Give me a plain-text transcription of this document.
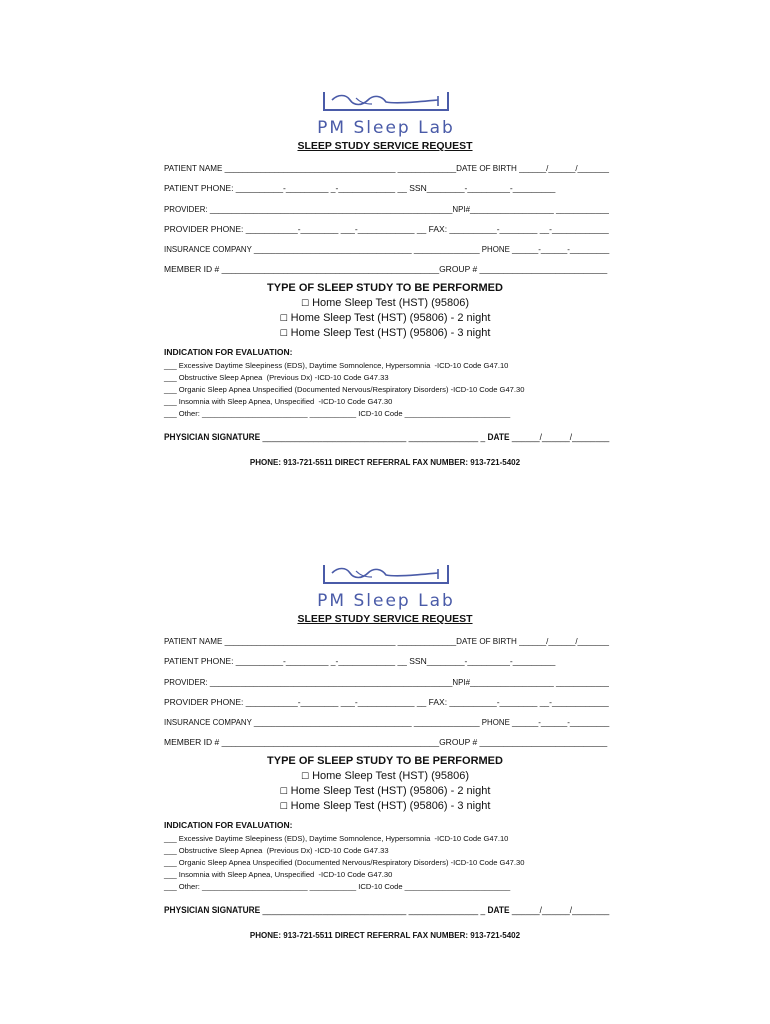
PM Sleep Lab
SLEEP STUDY SERVICE REQUEST
PATIENT NAME ______________________________________ _____________DATE OF BIRTH ______/______/_______
PATIENT PHONE: __________-_________ _-____________ __ SSN________-_________-_________
PROVIDER: _______________________________________________________NPI#___________________ ____________
PROVIDER PHONE: ___________-________ ___-____________ __ FAX: __________-________ __-____________
INSURANCE COMPANY ____________________________________ _______________ PHONE ______-______-_________
MEMBER ID # ______________________________________________GROUP # ___________________________
TYPE OF SLEEP STUDY TO BE PERFORMED
☐ Home Sleep Test (HST) (95806)
☐ Home Sleep Test (HST) (95806) - 2 night
☐ Home Sleep Test (HST) (95806) - 3 night
INDICATION FOR EVALUATION:
___ Excessive Daytime Sleepiness (EDS), Daytime Somnolence, Hypersomnia  -ICD-10 Code G47.10
___ Obstructive Sleep Apnea  (Previous Dx) -ICD-10 Code G47.33
___ Organic Sleep Apnea Unspecified (Documented Nervous/Respiratory Disorders) -ICD-10 Code G47.30
___ Insomnia with Sleep Apnea, Unspecified  -ICD-10 Code G47.30
___ Other: _________________________ ___________ ICD-10 Code _________________________
PHYSICIAN SIGNATURE _______________________________ _______________ _ DATE ______/______/________
PHONE: 913-721-5511 DIRECT REFERRAL FAX NUMBER: 913-721-5402
PM Sleep Lab
SLEEP STUDY SERVICE REQUEST
PATIENT NAME ______________________________________ _____________DATE OF BIRTH ______/______/_______
PATIENT PHONE: __________-_________ _-____________ __ SSN________-_________-_________
PROVIDER: _______________________________________________________NPI#___________________ ____________
PROVIDER PHONE: ___________-________ ___-____________ __ FAX: __________-________ __-____________
INSURANCE COMPANY ____________________________________ _______________ PHONE ______-______-_________
MEMBER ID # ______________________________________________GROUP # ___________________________
TYPE OF SLEEP STUDY TO BE PERFORMED
☐ Home Sleep Test (HST) (95806)
☐ Home Sleep Test (HST) (95806) - 2 night
☐ Home Sleep Test (HST) (95806) - 3 night
INDICATION FOR EVALUATION:
___ Excessive Daytime Sleepiness (EDS), Daytime Somnolence, Hypersomnia  -ICD-10 Code G47.10
___ Obstructive Sleep Apnea  (Previous Dx) -ICD-10 Code G47.33
___ Organic Sleep Apnea Unspecified (Documented Nervous/Respiratory Disorders) -ICD-10 Code G47.30
___ Insomnia with Sleep Apnea, Unspecified  -ICD-10 Code G47.30
___ Other: _________________________ ___________ ICD-10 Code _________________________
PHYSICIAN SIGNATURE _______________________________ _______________ _ DATE ______/______/________
PHONE: 913-721-5511 DIRECT REFERRAL FAX NUMBER: 913-721-5402
